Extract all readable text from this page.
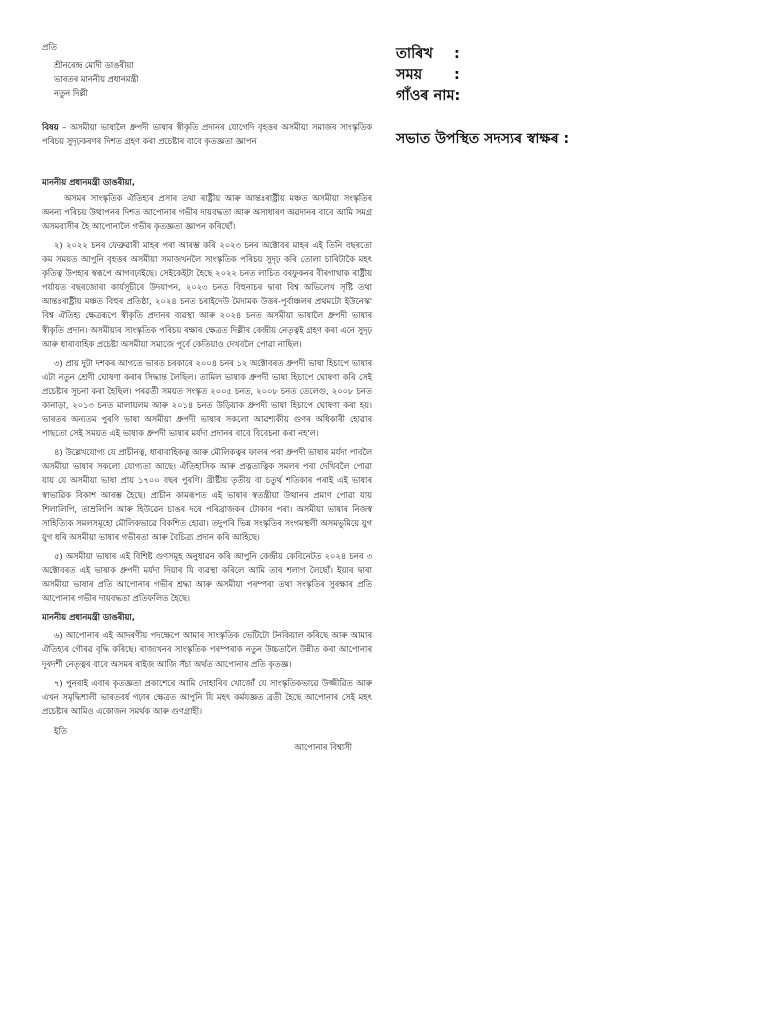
প্ৰতি
শ্ৰীনৰেন্দ্ৰ মোদী ডাঙৰীয়া
ভাৰতৰ মাননীয় প্ৰধানমন্ত্ৰী
নতুন দিল্লী
বিষয় – অসমীয়া ভাষালৈ ধ্ৰুপদী ভাষাৰ স্বীকৃতি প্ৰদানৰ যোগেদি বৃহত্তৰ অসমীয়া সমাজৰ সাংস্কৃতিক পৰিচয় সুদৃঢ়কৰণৰ দিশত গ্ৰহণ কৰা প্ৰচেষ্টাৰ বাবে কৃতজ্ঞতা জ্ঞাপন
মাননীয় প্ৰধানমন্ত্ৰী ডাঙৰীয়া,

অসমৰ সাংস্কৃতিক ঐতিহ্যৰ প্ৰসাৰ তথা ৰাষ্ট্ৰীয় আৰু আন্তঃৰাষ্ট্ৰীয় মঞ্চত অসমীয়া সংস্কৃতিৰ অনন্য পৰিচয় উত্থাপনৰ দিশত আপোনাৰ গভীৰ দায়বদ্ধতা আৰু অসাধাৰণ অৱদানৰ বাবে আমি সমগ্ৰ অসমবাসীৰ হৈ আপোনালৈ গভীৰ কৃতজ্ঞতা জ্ঞাপন কৰিছোঁ।

২) ২০২২ চনৰ ফেব্ৰুৱাৰী মাহৰ পৰা আৰম্ভ কৰি ২০২৩ চনৰ অক্টোবৰ মাহৰ এই তিনি বছৰতো কম সময়ত আপুনি বৃহত্তৰ অসমীয়া সমাজখনলৈ সাংস্কৃতিক পৰিচয় সুদৃঢ় কৰি তোলা চাৰিটাকৈ মহৎ কৃতিত্ব উপহাৰ স্বৰূপে আগবঢ়াইছে। সেইকেইটা হৈছে ২০২২ চনত লাচিত বৰফুকনৰ বীৰগাথাক ৰাষ্ট্ৰীয় পৰ্যায়ত বছৰজোৰা কাৰ্যসূচীৰে উদযাপন, ২০২৩ চনত বিহুনাচৰ দ্বাৰা বিশ্ব অভিলেখ সৃষ্টি তথা আন্তঃৰাষ্ট্ৰীয় মঞ্চত বিহুৰ প্ৰতিষ্ঠা, ২০২৪ চনত চৰাইদেউ মৈদামক উত্তৰ-পূৰ্বাঞ্চলৰ প্ৰথমটো ইউনেস্ক' বিশ্ব ঐতিহ্য ক্ষেত্ৰৰূপে স্বীকৃতি প্ৰদানৰ ব্যৱস্থা আৰু ২০২৪ চনত অসমীয়া ভাষালৈ ধ্ৰুপদী ভাষাৰ স্বীকৃতি প্ৰদান। অসমীয়াৰ সাংস্কৃতিক পৰিচয় ৰক্ষাৰ ক্ষেত্ৰত দিল্লীৰ কেন্দ্ৰীয় নেতৃত্বই গ্ৰহণ কৰা এনে সুদৃঢ় আৰু ধাৰাবাহিক প্ৰচেষ্টা অসমীয়া সমাজে পূৰ্বে কেতিয়াও দেখবলৈ পোৱা নাছিল।

৩) প্ৰায় দুটা দশকৰ আগতে ভাৰত চৰকাৰে ২০০৪ চনৰ ১২ অক্টোবৰত ধ্ৰুপদী ভাষা হিচাপে ভাষাৰ এটা নতুন শ্ৰেণী ঘোষণা কৰাৰ সিদ্ধান্ত লৈছিল। তামিল ভাষাক ধ্ৰুপদী ভাষা হিচাপে ঘোষণা কৰি সেই প্ৰচেষ্টাৰ সূচনা কৰা হৈছিল। পৰৱৰ্তী সময়ত সংস্কৃত ২০০৫ চনত, ২০০৮ চনত তেলেগু, ২০০৮ চনত কানাড়া, ২০১৩ চনত মালায়লম আৰু ২০১৪ চনত উড়িয়াক ধ্ৰুপদী ভাষা হিচাপে ঘোষণা কৰা হয়। ভাৰতৰ অন্যতম পুৰণি ভাষা অসমীয়া ধ্ৰুপদী ভাষাৰ সকলো আৱশ্যকীয় গুণৰ অধিকাৰী হোৱাৰ পাছতো সেই সময়ত এই ভাষাক ধ্ৰুপদী ভাষাৰ মৰ্যদা প্ৰদানৰ বাবে বিবেচনা কৰা নহ'ল।

৪) উল্লেখযোগ্য যে প্ৰাচীনত্ব, ধাৰাবাহিকত্ব আৰু মৌলিকত্বৰ ফালৰ পৰা ধ্ৰুপদী ভাষাৰ মৰ্যদা পাবলৈ অসমীয়া ভাষাৰ সকলো যোগ্যতা আছে। ঐতিহাসিক আৰু প্ৰত্নতাত্বিক সমলৰ পৰা দেখিবলৈ পোৱা যায় যে অসমীয়া ভাষা প্ৰায় ১৭০০ বছৰ পুৰণি। খ্ৰীষ্টীয় তৃতীয় বা চতুৰ্থ শতিকাৰ পৰাই এই ভাষাৰ স্বাভাৱিক বিকাশ আৰম্ভ হৈছে। প্ৰাচীন কামৰূপত এই ভাষাৰ স্বতন্ত্ৰীয়া উত্থানৰ প্ৰমাণ পোৱা যায় শিলালিপি, তাম্ৰলিপি আৰু হিউৱেন চাঙৰ দৰে পৰিব্ৰাজকৰ টোকাৰ পৰা। অসমীয়া ভাষাৰ নিজস্ব সাহিত্যিক সমলসমূহো মৌলিকভাৱে বিকশিত হোৱা। তদুপৰি ভিন্ন সংস্কৃতিৰ সংগমস্থলী অসমভূমিয়ে যুগ যুগ ধৰি অসমীয়া ভাষাৰ গভীৰতা আৰু বৈচিত্ৰ্য প্ৰদান কৰি আহিছে।

৫) অসমীয়া ভাষাৰ এই বিশিষ্ট গুণসমূহ অনুধাৱন কৰি আপুনি কেন্দ্ৰীয় কেবিনেটত ২০২৪ চনৰ ৩ অক্টোবৰত এই ভাষাক ধ্ৰুপদী মৰ্যদা দিয়াৰ যি ব্যৱস্থা কৰিলে আমি তাৰ শলাগ লৈছোঁ। ইয়াৰ দ্বাৰা অসমীয়া ভাষাৰ প্ৰতি আপোনাৰ গভীৰ শ্ৰদ্ধা আৰু অসমীয়া পৰম্পৰা তথা সংস্কৃতিৰ সুৰক্ষাৰ প্ৰতি আপোনাৰ গভীৰ দায়বদ্ধতা প্ৰতিফলিত হৈছে।

মাননীয় প্ৰধানমন্ত্ৰী ডাঙৰীয়া,

৬) আপোনাৰ এই আদৰণীয় পদক্ষেপে আমাৰ সাংস্কৃতিক ভেটিটো টনকিয়াল কৰিছে আৰু আমাৰ ঐতিহ্যৰ গৌৰৱ বৃদ্ধি কৰিছে। ৰাজ্যখনৰ সাংস্কৃতিক পৰম্পৰাক নতুন উচ্চতালৈ উন্নীত কৰা আপোনাৰ দূৰদৰ্শী নেতৃত্বৰ বাবে অসমৰ ৰাইজ আজি সঁচা অৰ্থত আপোনাৰ প্ৰতি কৃতজ্ঞ।

৭) পুনৰাই এবাৰ কৃতজ্ঞতা প্ৰকাশেৰে আমি দোহাৰিব খোজোঁ যে সাংস্কৃতিকভাৱে উজ্জীৱিত আৰু এখন সমৃদ্ধিশালী ভাৰতবৰ্ষ গঢ়াৰ ক্ষেত্ৰত আপুনি যি মহৎ কৰ্মযজ্ঞত ব্ৰতী হৈছে আপোনাৰ সেই মহৎ প্ৰচেষ্টাৰ আমিও একোজন সমৰ্থক আৰু গুণগ্ৰাহী।

ইতি
আপোনাৰ বিশ্বাসী
তাৰিখ :
সময় :
গাঁওৰ নাম:
সভাত উপস্থিত সদস্যৰ স্বাক্ষৰ :
